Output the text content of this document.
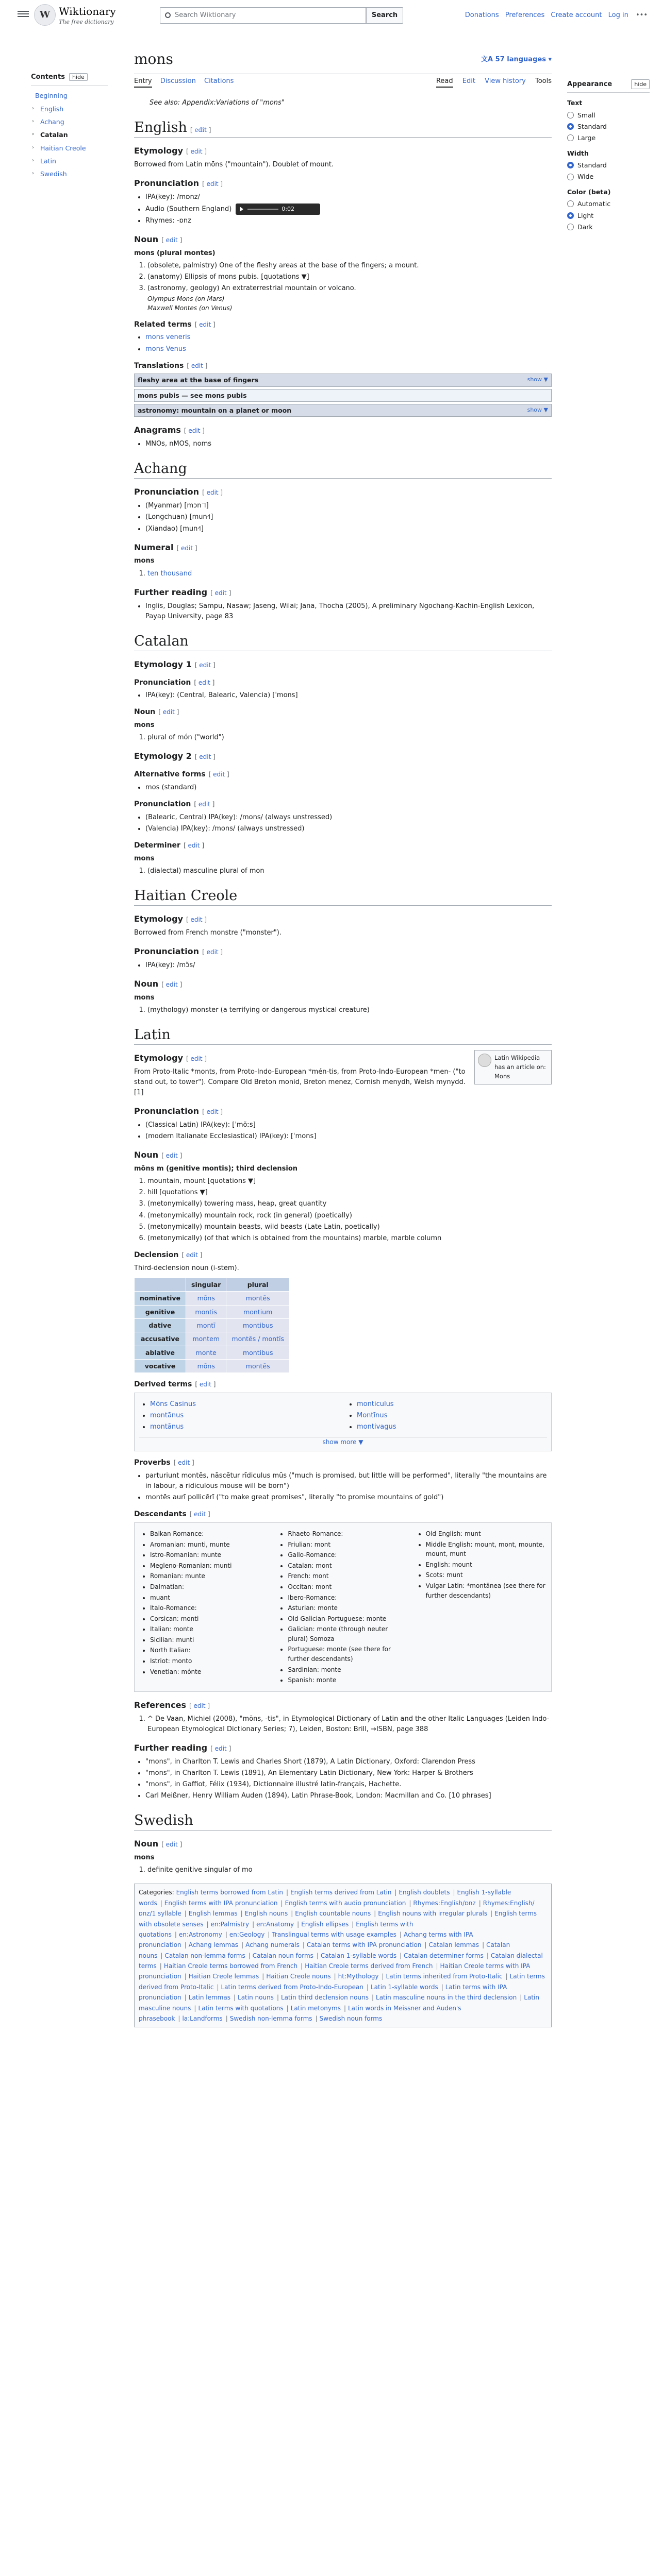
W Wiktionary
The free dictionary
Search Wiktionary	Search	Donations Preferences Create account Log in •••
Contents hide
Beginning
› English
› Achang
› Catalan
› Haitian Creole
› Latin
› Swedish
mons	文A 57 languages ▾
Entry Discussion Citations	Read Edit View history Tools Appearance	hide
Text
Small
Standard
Large
Width
Standard
Wide
Color (beta)
Automatic
Light
Dark

See also: Appendix:Variations of "mons"

English [ edit ]
Etymology [ edit ]

Borrowed from Latin mōns ("mountain"). Doublet of mount.

Pronunciation [ edit ]
• IPA(key): /mɒnz/
• Audio (Southern England)	0:02
• Rhymes: -ɒnz
Noun [ edit ]

mons (plural montes)

1. (obsolete, palmistry) One of the fleshy areas at the base of the fingers; a mount.
2. (anatomy) Ellipsis of mons pubis. [quotations ▼]
3. (astronomy, geology) An extraterrestrial mountain or volcano.
Olympus Mons (on Mars)
Maxwell Montes (on Venus)
Related terms [ edit ]
• mons veneris
• mons Venus
Translations [ edit ]
fleshy area at the base of fingers	show ▼
mons pubis — see mons pubis
astronomy: mountain on a planet or moon	show ▼
Anagrams [ edit ]
• MNOs, nMOS, noms
Achang
Pronunciation [ edit ]
• (Myanmar) [mɔn˥˥]
• (Longchuan) [mun˧˥]
• (Xiandao) [mun˧˥]
Numeral [ edit ]

mons

1. ten thousand
Further reading [ edit ]
• Inglis, Douglas; Sampu, Nasaw; Jaseng, Wilai; Jana, Thocha (2005), A preliminary Ngochang-Kachin-English Lexicon, Payap University, page 83
Catalan
Etymology 1 [ edit ]
Pronunciation [ edit ]
• IPA(key): (Central, Balearic, Valencia) [ˈmons]
Noun [ edit ]

mons

1. plural of món ("world")
Etymology 2 [ edit ]
Alternative forms [ edit ]
• mos (standard)
Pronunciation [ edit ]
• (Balearic, Central) IPA(key): /mons/ (always unstressed)
• (Valencia) IPA(key): /mons/ (always unstressed)
Determiner [ edit ]

mons

1. (dialectal) masculine plural of mon
Haitian Creole
Etymology [ edit ]

Borrowed from French monstre ("monster").

Pronunciation [ edit ]
• IPA(key): /mɔ̃s/
Noun [ edit ]

mons

1. (mythology) monster (a terrifying or dangerous mystical creature)
Latin
Latin Wikipedia has an article on: Mons
Etymology [ edit ]

From Proto-Italic *monts, from Proto-Indo-European *mén-tis, from Proto-Indo-European *men- ("to stand out, to tower"). Compare Old Breton monid, Breton menez, Cornish menydh, Welsh mynydd.[1]

Pronunciation [ edit ]
• (Classical Latin) IPA(key): [ˈmõːs]
• (modern Italianate Ecclesiastical) IPA(key): [ˈmons]
Noun [ edit ]

mōns m (genitive montis); third declension

1. mountain, mount [quotations ▼]
2. hill [quotations ▼]
3. (metonymically) towering mass, heap, great quantity
4. (metonymically) mountain rock, rock (in general) (poetically)
5. (metonymically) mountain beasts, wild beasts (Late Latin, poetically)
6. (metonymically) (of that which is obtained from the mountains) marble, marble column
Declension [ edit ]

Third-declension noun (i-stem).

	singular	plural
nominative	mōns	montēs
genitive	montis	montium
dative	montī	montibus
accusative	montem	montēs / montīs
ablative	monte	montibus
vocative	mōns	montēs
Derived terms [ edit ]
• Mōns Casīnus
• montānus
• montānus
• monticulus
• Montīnus
• montivagus
show more ▼
Proverbs [ edit ]
• parturiunt montēs, nāscētur rīdiculus mūs ("much is promised, but little will be performed", literally "the mountains are in labour, a ridiculous mouse will be born")
• montēs aurī pollicērī ("to make great promises", literally "to promise mountains of gold")
Descendants [ edit ]
• Balkan Romance:
• Aromanian: munti, munte
• Istro-Romanian: munte
• Megleno-Romanian: munti
• Romanian: munte
• Dalmatian:
• muant
• Italo-Romance:
• Corsican: monti
• Italian: monte
• Sicilian: munti
• North Italian:
• Istriot: monto
• Venetian: mónte
• Rhaeto-Romance:
• Friulian: mont
• Gallo-Romance:
• Catalan: mont
• French: mont
• Occitan: mont
• Ibero-Romance:
• Asturian: monte
• Old Galician-Portuguese: monte
• Galician: monte (through neuter plural) Somoza
• Portuguese: monte (see there for further descendants)
• Sardinian: monte
• Spanish: monte
• Old English: munt
• Middle English: mount, mont, mounte, mount, munt
• English: mount
• Scots: munt
• Vulgar Latin: *montānea (see there for further descendants)
References [ edit ]
1. ^ De Vaan, Michiel (2008), "mōns, -tis", in Etymological Dictionary of Latin and the other Italic Languages (Leiden Indo-European Etymological Dictionary Series; 7), Leiden, Boston: Brill, →ISBN, page 388
Further reading [ edit ]
• "mons", in Charlton T. Lewis and Charles Short (1879), A Latin Dictionary, Oxford: Clarendon Press
• "mons", in Charlton T. Lewis (1891), An Elementary Latin Dictionary, New York: Harper & Brothers
• "mons", in Gaffiot, Félix (1934), Dictionnaire illustré latin-français, Hachette.
• Carl Meißner, Henry William Auden (1894), Latin Phrase-Book, London: Macmillan and Co. [10 phrases]
Swedish
Noun [ edit ]

mons

1. definite genitive singular of mo
Categories: English terms borrowed from Latin | English terms derived from Latin | English doublets | English 1-syllable words | English terms with IPA pronunciation | English terms with audio pronunciation | Rhymes:English/ɒnz | Rhymes:English/ɒnz/1 syllable | English lemmas | English nouns | English countable nouns | English nouns with irregular plurals | English terms with obsolete senses | en:Palmistry | en:Anatomy | English ellipses | English terms with quotations | en:Astronomy | en:Geology | Translingual terms with usage examples | Achang terms with IPA pronunciation | Achang lemmas | Achang numerals | Catalan terms with IPA pronunciation | Catalan lemmas | Catalan nouns | Catalan non-lemma forms | Catalan noun forms | Catalan 1-syllable words | Catalan determiner forms | Catalan dialectal terms | Haitian Creole terms borrowed from French | Haitian Creole terms derived from French | Haitian Creole terms with IPA pronunciation | Haitian Creole lemmas | Haitian Creole nouns | ht:Mythology | Latin terms inherited from Proto-Italic | Latin terms derived from Proto-Italic | Latin terms derived from Proto-Indo-European | Latin 1-syllable words | Latin terms with IPA pronunciation | Latin lemmas | Latin nouns | Latin third declension nouns | Latin masculine nouns in the third declension | Latin masculine nouns | Latin terms with quotations | Latin metonyms | Latin words in Meissner and Auden's phrasebook | la:Landforms | Swedish non-lemma forms | Swedish noun forms
